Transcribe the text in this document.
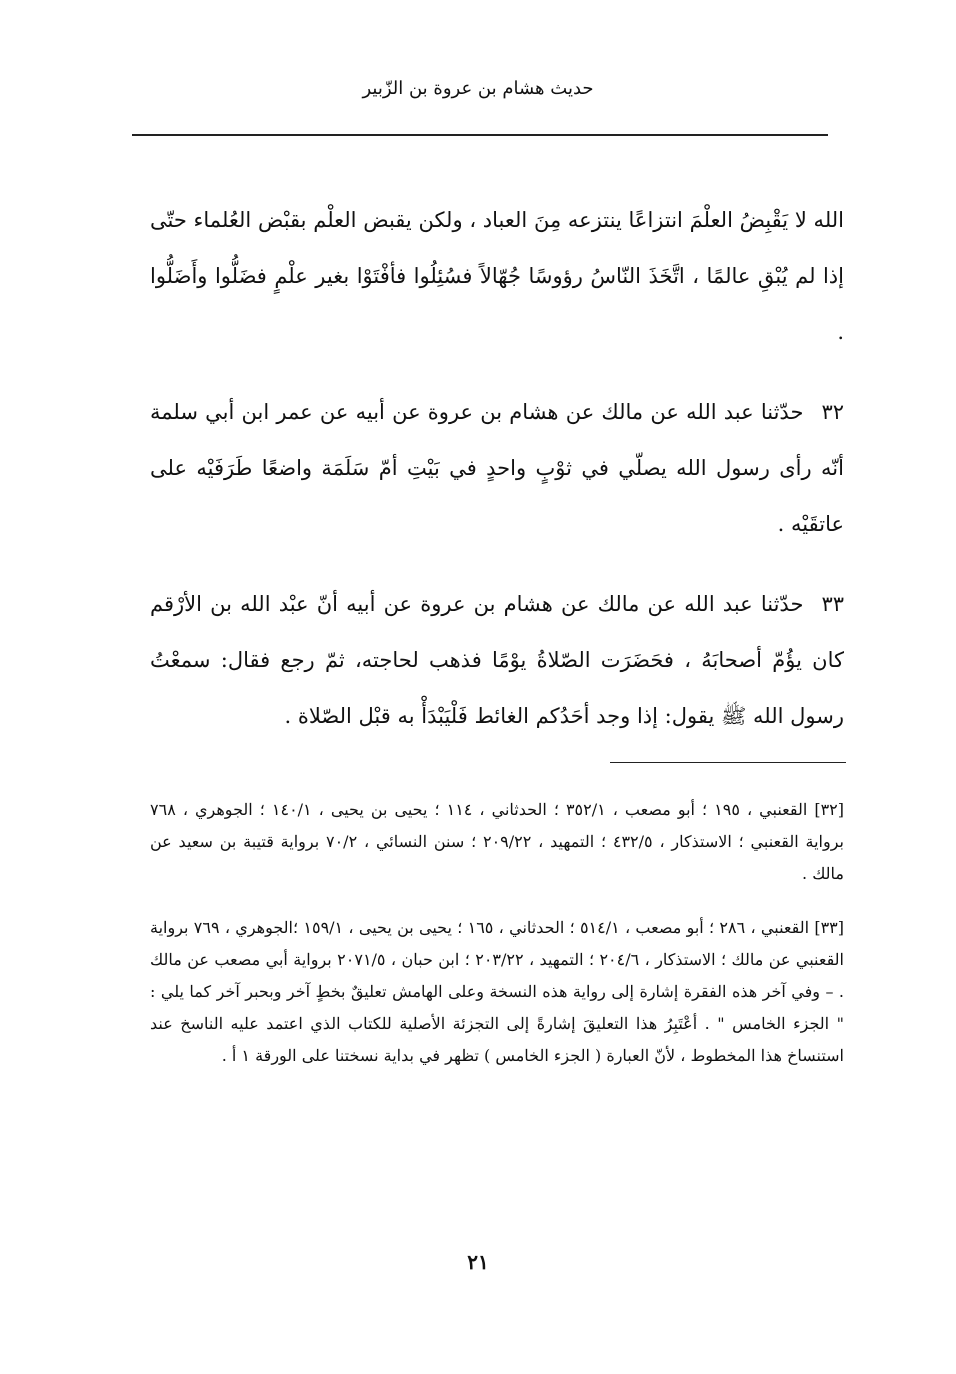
حديث هشام بن عروة بن الزّبير

الله لا يَقْبِضُ العلْمَ انتزاعًا ينتزعه مِنَ العباد ، ولكن يقبض العلْم بقبْض العُلماء حتّى إذا لم يُبْقِ عالمًا ، اتَّخَذَ النّاسُ رؤوسًا جُهّالاً فسُئِلُوا فأفْتَوْا بغير علْمٍ فضَلُّوا وأَضَلُّوا .

٣٢حدّثنا عبد الله عن مالك عن هشام بن عروة عن أبيه عن عمر ابن أبي سلمة أنّه رأى رسول الله يصلّي في ثوْبٍ واحدٍ في بَيْتِ أمّ سَلَمَة واضعًا طَرَفَيْه على عاتقَيْه .

٣٣حدّثنا عبد الله عن مالك عن هشام بن عروة عن أبيه أنّ عبْد الله بن الأرْقم كان يؤُمّ أصحابَهُ ، فحَضَرَت الصّلاةُ يوْمًا فذهب لحاجته، ثمّ رجع فقال: سمعْتُ رسول الله ﷺ يقول: إذا وجد أحَدُكم الغائط فَلْيَبْدَأْ به قبْل الصّلاة .

[٣٢] القعنبي ، ١٩٥ ؛ أبو مصعب ، ٣٥٢/١ ؛ الحدثاني ، ١١٤ ؛ يحيى بن يحيى ، ١٤٠/١ ؛ الجوهري ، ٧٦٨ برواية القعنبي ؛ الاستذكار ، ٤٣٢/٥ ؛ التمهيد ، ٢٠٩/٢٢ ؛ سنن النسائي ، ٧٠/٢ برواية قتيبة بن سعيد عن مالك .

[٣٣] القعنبي ، ٢٨٦ ؛ أبو مصعب ، ٥١٤/١ ؛ الحدثاني ، ١٦٥ ؛ يحيى بن يحيى ، ١٥٩/١ ؛الجوهري ، ٧٦٩ برواية القعنبي عن مالك ؛ الاستذكار ، ٢٠٤/٦ ؛ التمهيد ، ٢٠٣/٢٢ ؛ ابن حبان ، ٢٠٧١/٥ برواية أبي مصعب عن مالك . – وفي آخر هذه الفقرة إشارة إلى رواية هذه النسخة وعلى الهامش تعليقٌ بخطٍ آخر وبحبر آخر كما يلي : " الجزء الخامس " . أعْتَبِرُ هذا التعليقَ إشارةً إلى التجزئة الأصلية للكتاب الذي اعتمد عليه الناسخ عند استنساخ هذا المخطوط ، لأنّ العبارة ( الجزء الخامس ) تظهر في بداية نسختنا على الورقة ١ أ .

٢١
